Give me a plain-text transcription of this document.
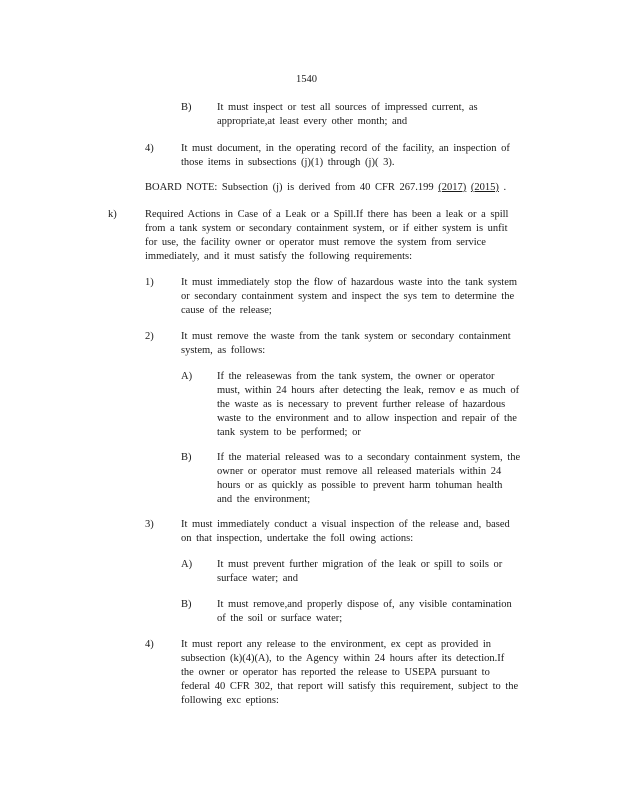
1540
B) It must inspect or test all sources of impressed current, as
appropriate,at least every other month; and
4)	It must document, in the operating record of the facility, an inspection of
those items in subsections (j)(1) through (j)( 3).
BOARD NOTE: Subsection (j) is derived from 40 CFR 267.199 (2017) (2015) .
k)	Required Actions in Case of a Leak or a Spill.If there has been a leak or a spill
from a tank system or secondary containment system, or if either system is unfit
for use, the facility owner or operator must remove the system from service
immediately, and it must satisfy the following requirements:
1)	It must immediately stop the flow of hazardous waste into the tank system
or secondary containment system and inspect the sys tem to determine the
cause of the release;
2)	It must remove the waste from the tank system or secondary containment
system, as follows:
A) If the releasewas from the tank system, the owner or operator
must, within 24 hours after detecting the leak, remov e as much of
the waste as is necessary to prevent further release of hazardous
waste to the environment and to allow inspection and repair of the
tank system to be performed; or
B) If the material released was to a secondary containment system, the
owner or operator must remove all released materials within 24
hours or as quickly as possible to prevent harm tohuman health
and the environment;
3)	It must immediately conduct a visual inspection of the release and, based
on that inspection, undertake the foll owing actions:
A) It must prevent further migration of the leak or spill to soils or
surface water; and
B) It must remove,and properly dispose of, any visible contamination
of the soil or surface water;
4)	It must report any release to the environment, ex cept as provided in
subsection (k)(4)(A), to the Agency within 24 hours after its detection.If
the owner or operator has reported the release to USEPA pursuant to
federal 40 CFR 302, that report will satisfy this requirement, subject to the
following exc eptions:
